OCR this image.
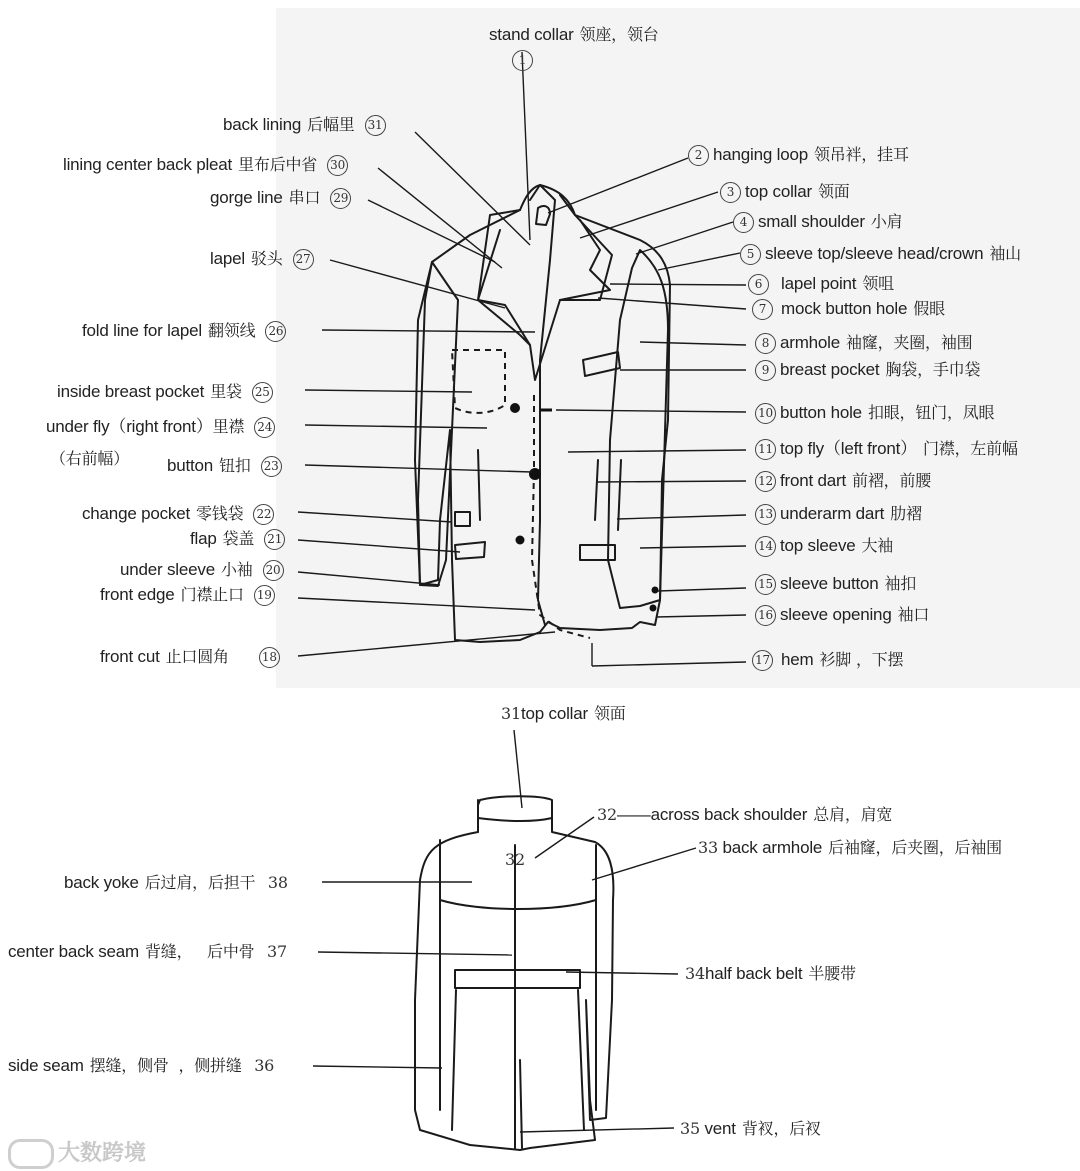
back lining 后幅里 31
lining center back pleat 里布后中省 30
gorge line 串口 29
lapel 驳头 27
fold line for lapel 翻领线 26
inside breast pocket 里袋 25
under fly（right front）里襟 24
（右前幅） button 钮扣 23
change pocket 零钱袋 22
flap 袋盖 21
under sleeve 小袖 20
front edge 门襟止口 19
front cut 止口圆角	18
stand collar 领座，领台
1
2 hanging loop 领吊袢，挂耳
3 top collar 领面
4 small shoulder 小肩
5 sleeve top/sleeve head/crown 袖山
6 lapel point 领咀
7 mock button hole 假眼
8 armhole 袖窿，夹圈，袖围
9 breast pocket 胸袋，手巾袋
10 button hole 扣眼，钮门，凤眼
11 top fly（left front） 门襟，左前幅
12 front dart 前褶，前腰
13 underarm dart 肋褶
14 top sleeve 大袖
15 sleeve button 袖扣
16 sleeve opening 袖口
17 hem 衫脚 ，下摆
31top collar 领面
32——across back shoulder 总肩，肩宽
32
33 back armhole 后袖窿，后夹圈，后袖围
back yoke 后过肩，后担干 38
center back seam 背缝，   后中骨 37
34half back belt 半腰带
side seam 摆缝，侧骨  ，侧拼缝 36
35 vent 背衩，后衩
大数跨境
